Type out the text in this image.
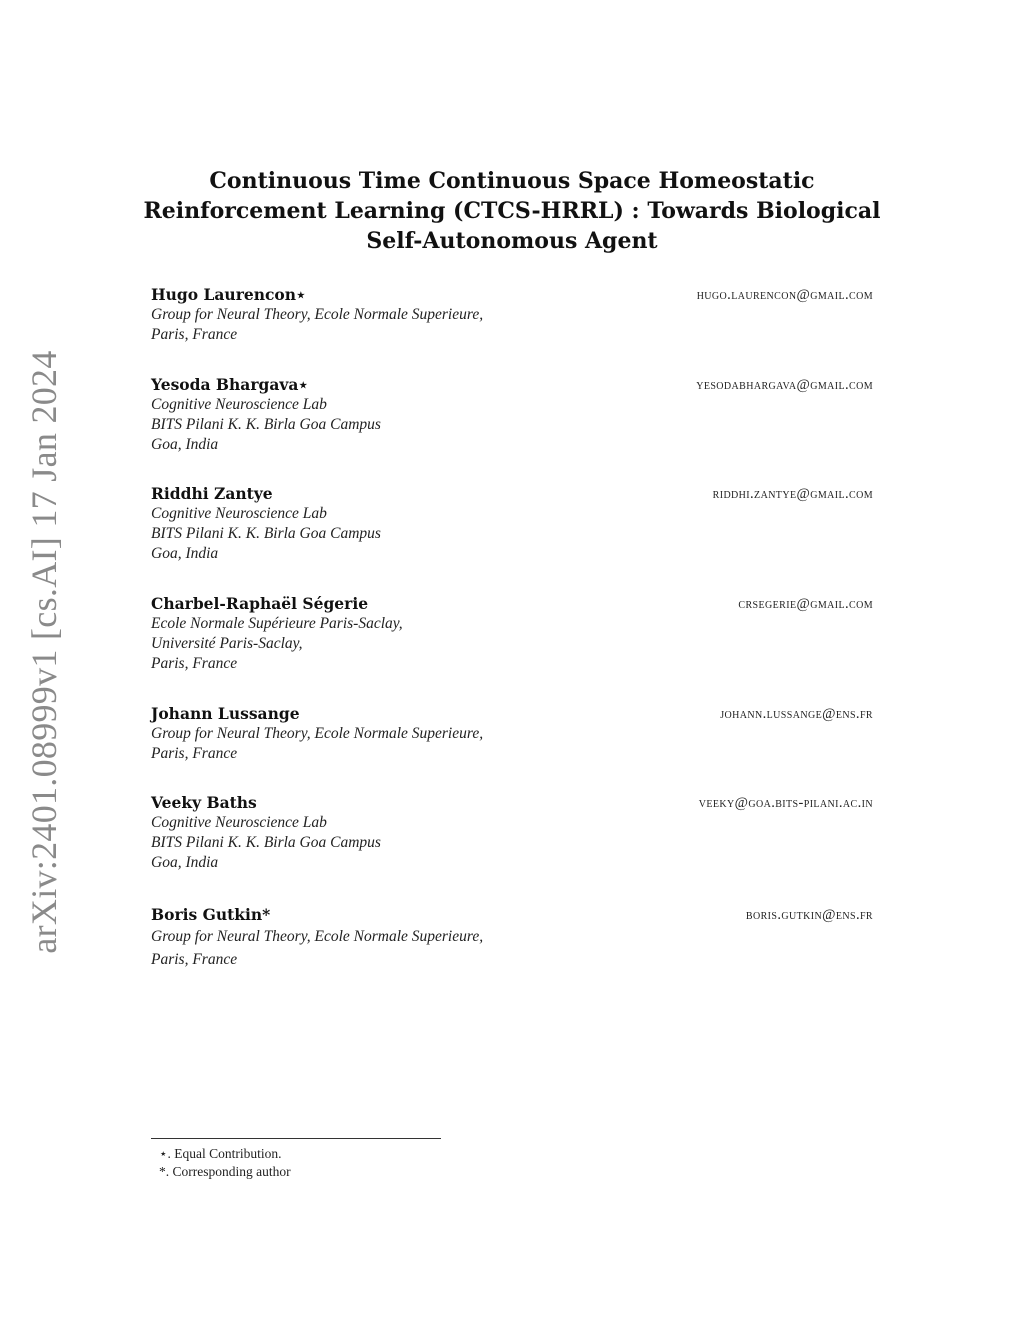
arXiv:2401.08999v1 [cs.AI] 17 Jan 2024
Continuous Time Continuous Space Homeostatic
Reinforcement Learning (CTCS-HRRL) : Towards Biological
Self-Autonomous Agent
Hugo Laurencon⋆	hugo.laurencon@gmail.com
Group for Neural Theory, Ecole Normale Superieure,
Paris, France
Yesoda Bhargava⋆	yesodabhargava@gmail.com
Cognitive Neuroscience Lab
BITS Pilani K. K. Birla Goa Campus
Goa, India
Riddhi Zantye	riddhi.zantye@gmail.com
Cognitive Neuroscience Lab
BITS Pilani K. K. Birla Goa Campus
Goa, India
Charbel-Raphaël Ségerie	crsegerie@gmail.com
Ecole Normale Supérieure Paris-Saclay,
Université Paris-Saclay,
Paris, France
Johann Lussange	johann.lussange@ens.fr
Group for Neural Theory, Ecole Normale Superieure,
Paris, France
Veeky Baths	veeky@goa.bits-pilani.ac.in
Cognitive Neuroscience Lab
BITS Pilani K. K. Birla Goa Campus
Goa, India
Boris Gutkin*	boris.gutkin@ens.fr
Group for Neural Theory, Ecole Normale Superieure,
Paris, France
⋆. Equal Contribution.
*. Corresponding author
